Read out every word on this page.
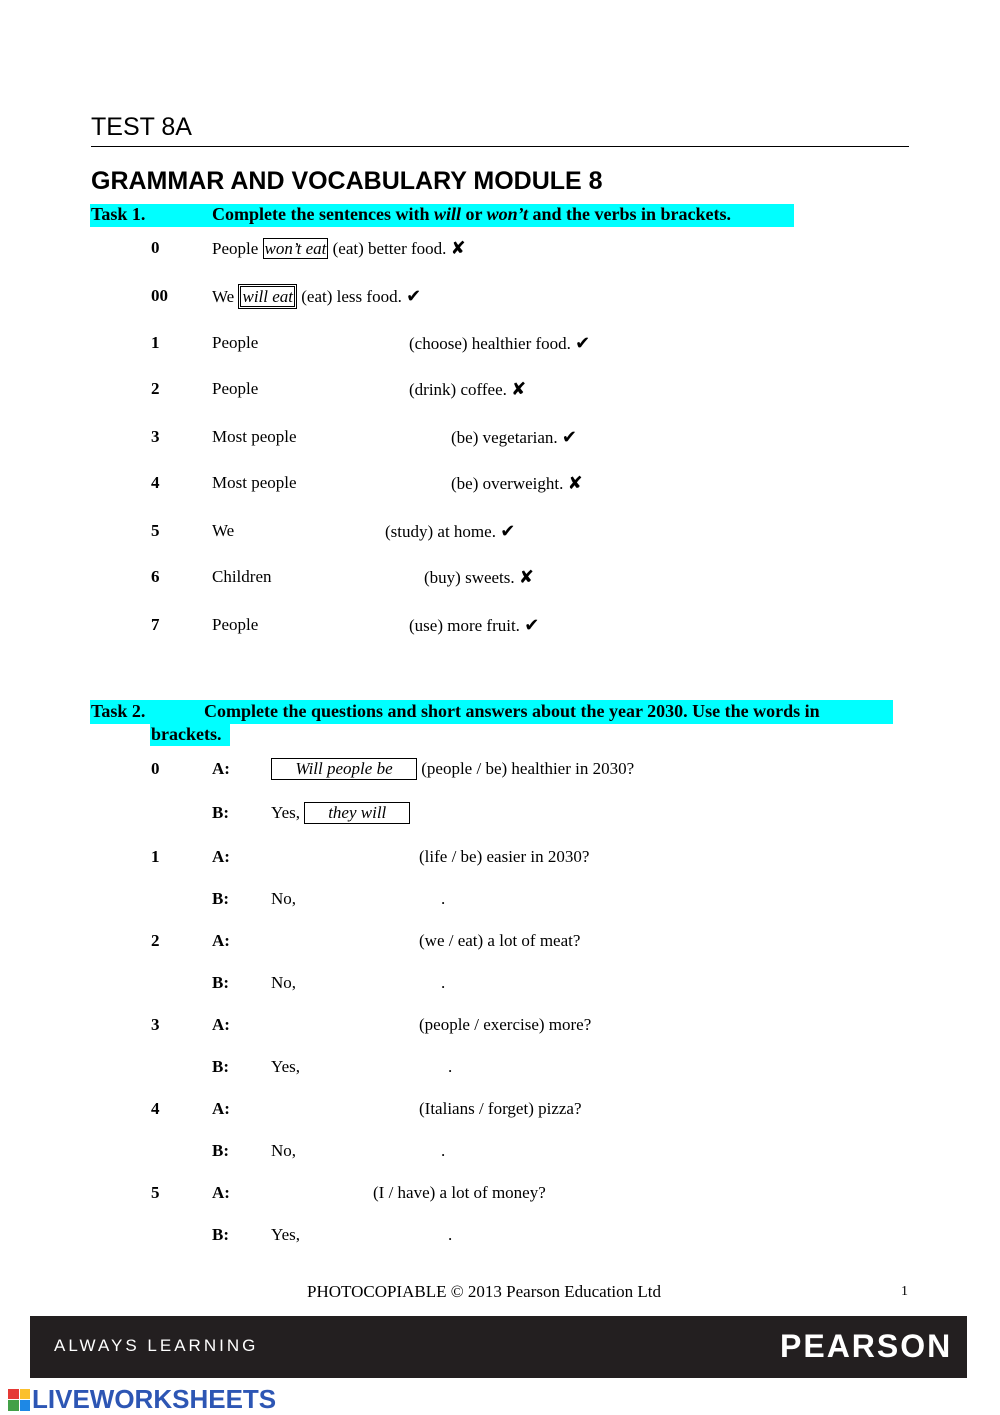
TEST 8A
GRAMMAR AND VOCABULARY MODULE 8
Task 1.	Complete the sentences with will or won’t and the verbs in brackets.
0	People won’t eat (eat) better food. ✘
00	We will eat (eat) less food. ✔
1	People	(choose) healthier food. ✔
2	People	(drink) coffee. ✘
3	Most people	(be) vegetarian. ✔
4	Most people	(be) overweight. ✘
5	We	(study) at home. ✔
6	Children	(buy) sweets. ✘
7	People	(use) more fruit. ✔
Task 2.	Complete the questions and short answers about the year 2030. Use the words in
brackets.
0	A:	Will people be (people / be) healthier in 2030?
B: Yes, they will
1	A:	(life / be) easier in 2030?
B: No,	.
2	A:	(we / eat) a lot of meat?
B: No,	.
3	A:	(people / exercise) more?
B: Yes,	.
4	A:	(Italians / forget) pizza?
B: No,	.
5	A:	(I / have) a lot of money?
B: Yes,	.
PHOTOCOPIABLE © 2013 Pearson Education Ltd	1
ALWAYS LEARNING	PEARSON
LIVEWORKSHEETS
